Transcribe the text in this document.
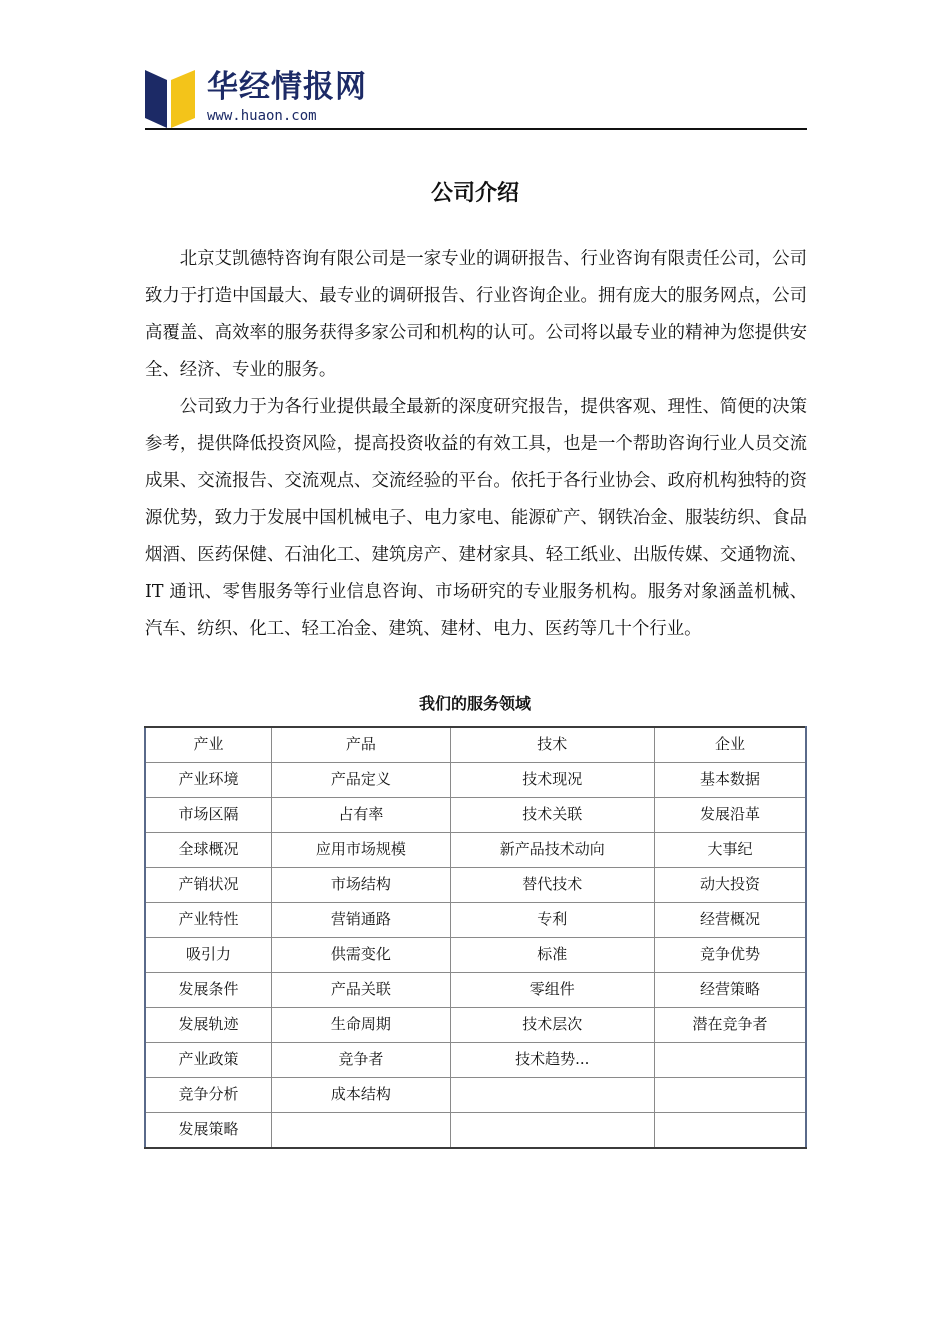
华经情报网
www.huaon.com
公司介绍

北京艾凯德特咨询有限公司是一家专业的调研报告、行业咨询有限责任公司，公司致力于打造中国最大、最专业的调研报告、行业咨询企业。拥有庞大的服务网点，公司高覆盖、高效率的服务获得多家公司和机构的认可。公司将以最专业的精神为您提供安全、经济、专业的服务。

公司致力于为各行业提供最全最新的深度研究报告，提供客观、理性、简便的决策参考，提供降低投资风险，提高投资收益的有效工具，也是一个帮助咨询行业人员交流成果、交流报告、交流观点、交流经验的平台。依托于各行业协会、政府机构独特的资源优势，致力于发展中国机械电子、电力家电、能源矿产、钢铁冶金、服装纺织、食品烟酒、医药保健、石油化工、建筑房产、建材家具、轻工纸业、出版传媒、交通物流、IT 通讯、零售服务等行业信息咨询、市场研究的专业服务机构。服务对象涵盖机械、汽车、纺织、化工、轻工冶金、建筑、建材、电力、医药等几十个行业。

我们的服务领域
产业	产品	技术	企业
产业环境	产品定义	技术现况	基本数据
市场区隔	占有率	技术关联	发展沿革
全球概况	应用市场规模	新产品技术动向	大事纪
产销状况	市场结构	替代技术	动大投资
产业特性	营销通路	专利	经营概况
吸引力	供需变化	标准	竞争优势
发展条件	产品关联	零组件	经营策略
发展轨迹	生命周期	技术层次	潜在竞争者
产业政策	竞争者	技术趋势...	
竞争分析	成本结构		
发展策略			
